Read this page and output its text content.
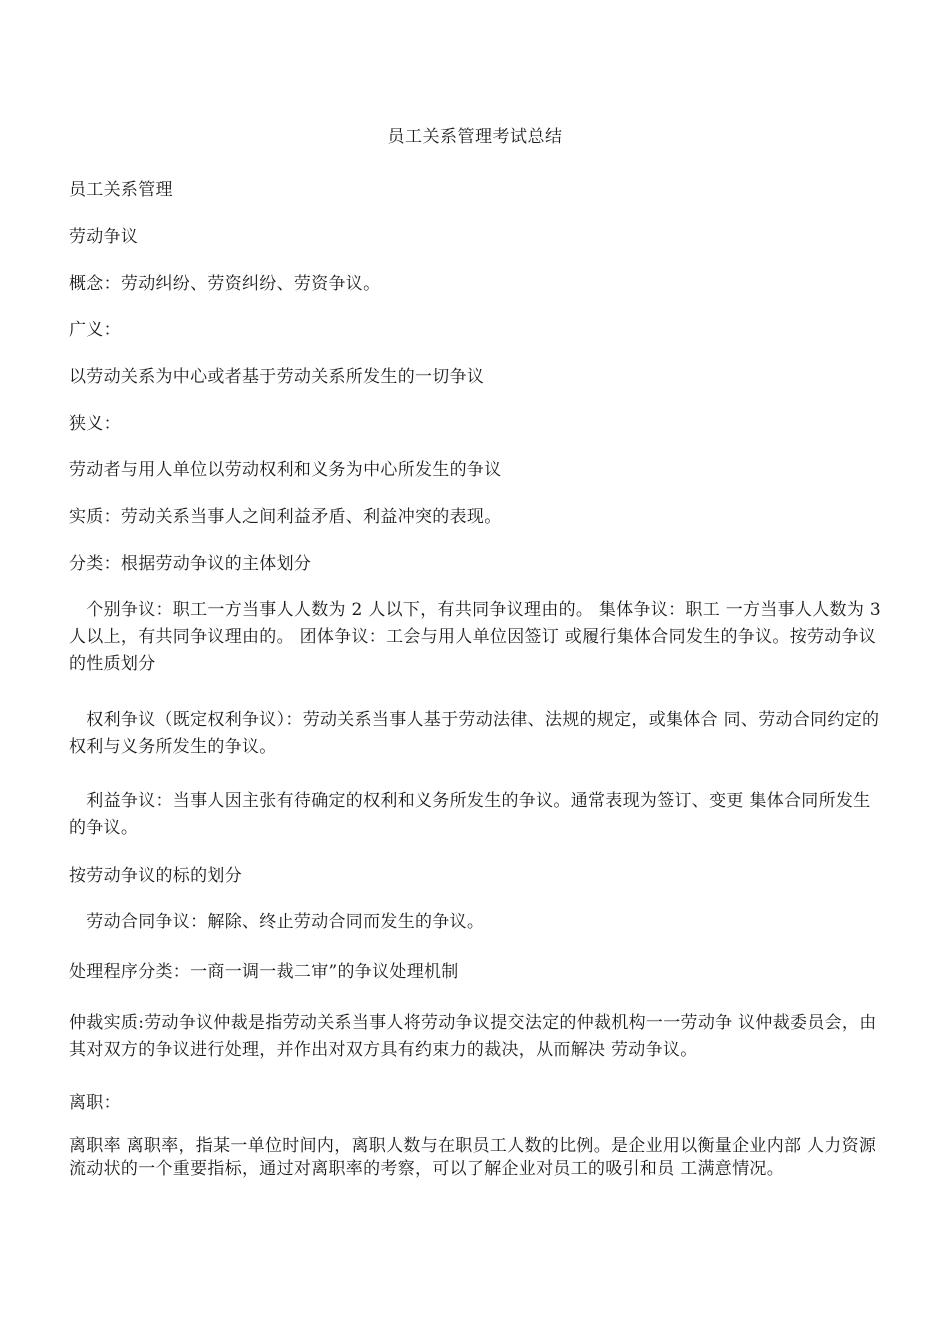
员工关系管理考试总结
员工关系管理
劳动争议
概念：劳动纠纷、劳资纠纷、劳资争议。
广义：
以劳动关系为中心或者基于劳动关系所发生的一切争议
狭义：
劳动者与用人单位以劳动权利和义务为中心所发生的争议
实质：劳动关系当事人之间利益矛盾、利益冲突的表现。
分类：根据劳动争议的主体划分
　个别争议：职工一方当事人人数为 2 人以下，有共同争议理由的。 集体争议：职工 一方当事人人数为 3 人以上，有共同争议理由的。 团体争议：工会与用人单位因签订 或履行集体合同发生的争议。按劳动争议的性质划分
　权利争议（既定权利争议）：劳动关系当事人基于劳动法律、法规的规定，或集体合 同、劳动合同约定的权利与义务所发生的争议。
　利益争议：当事人因主张有待确定的权利和义务所发生的争议。通常表现为签订、变更 集体合同所发生的争议。
按劳动争议的标的划分
　劳动合同争议：解除、终止劳动合同而发生的争议。
处理程序分类：一商一调一裁二审”的争议处理机制
仲裁实质:劳动争议仲裁是指劳动关系当事人将劳动争议提交法定的仲裁机构一一劳动争 议仲裁委员会，由其对双方的争议进行处理，并作出对双方具有约束力的裁决，从而解决 劳动争议。
离职：
离职率 离职率，指某一单位时间内，离职人数与在职员工人数的比例。是企业用以衡量企业内部 人力资源流动状的一个重要指标，通过对离职率的考察，可以了解企业对员工的吸引和员 工满意情况。
